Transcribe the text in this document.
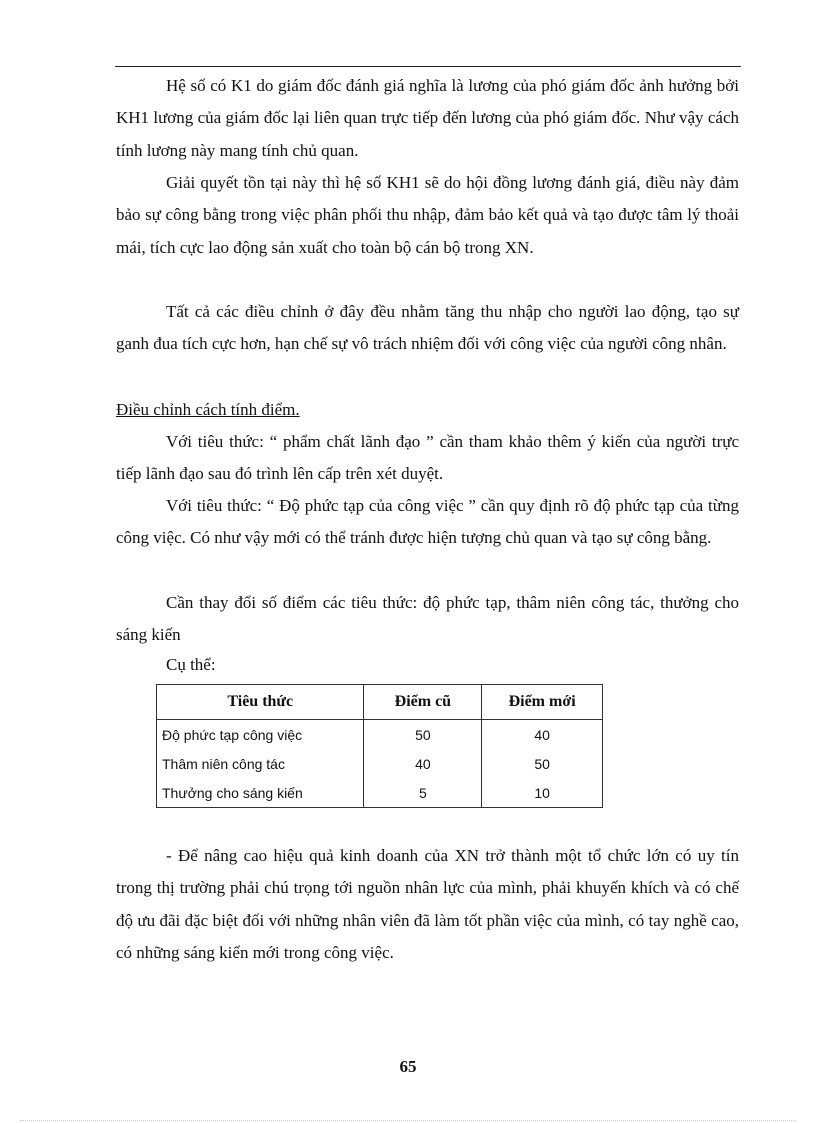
Hệ số có K1 do giám đốc đánh giá nghĩa là lương của phó giám đốc ảnh hưởng bởi KH1 lương của giám đốc lại liên quan trực tiếp đến lương của phó giám đốc. Như vậy cách tính lương này mang tính chủ quan.

Giải quyết tồn tại này thì hệ số KH1 sẽ do hội đồng lương đánh giá, điều này đảm bảo sự công bằng trong việc phân phối thu nhập, đảm bảo kết quả và tạo được tâm lý thoải mái, tích cực lao động sản xuất cho toàn bộ cán bộ trong XN.

Tất cả các điều chỉnh ở đây đều nhằm tăng thu nhập cho người lao động, tạo sự ganh đua tích cực hơn, hạn chế sự vô trách nhiệm đối với công việc của người công nhân.

Điều chỉnh cách tính điểm.

Với tiêu thức: “ phẩm chất lãnh đạo ” cần tham khảo thêm ý kiến của người trực tiếp lãnh đạo sau đó trình lên cấp trên xét duyệt.

Với tiêu thức: “ Độ phức tạp của công việc ” cần quy định rõ độ phức tạp của từng công việc. Có như vậy mới có thể tránh được hiện tượng chủ quan và tạo sự công bằng.

Cần thay đổi số điểm các tiêu thức: độ phức tạp, thâm niên công tác, thưởng cho sáng kiến

Cụ thể:

Tiêu thức	Điểm cũ	Điểm mới
Độ phức tạp công việc	50	40
Thâm niên công tác	40	50
Thưởng cho sáng kiến	5	10

- Để nâng cao hiệu quả kinh doanh của XN trở thành một tổ chức lớn có uy tín trong thị trường phải chú trọng tới nguồn nhân lực của mình, phải khuyến khích và có chế độ ưu đãi đặc biệt đối với những nhân viên đã làm tốt phần việc của mình, có tay nghề cao, có những sáng kiến mới trong công việc.

65
